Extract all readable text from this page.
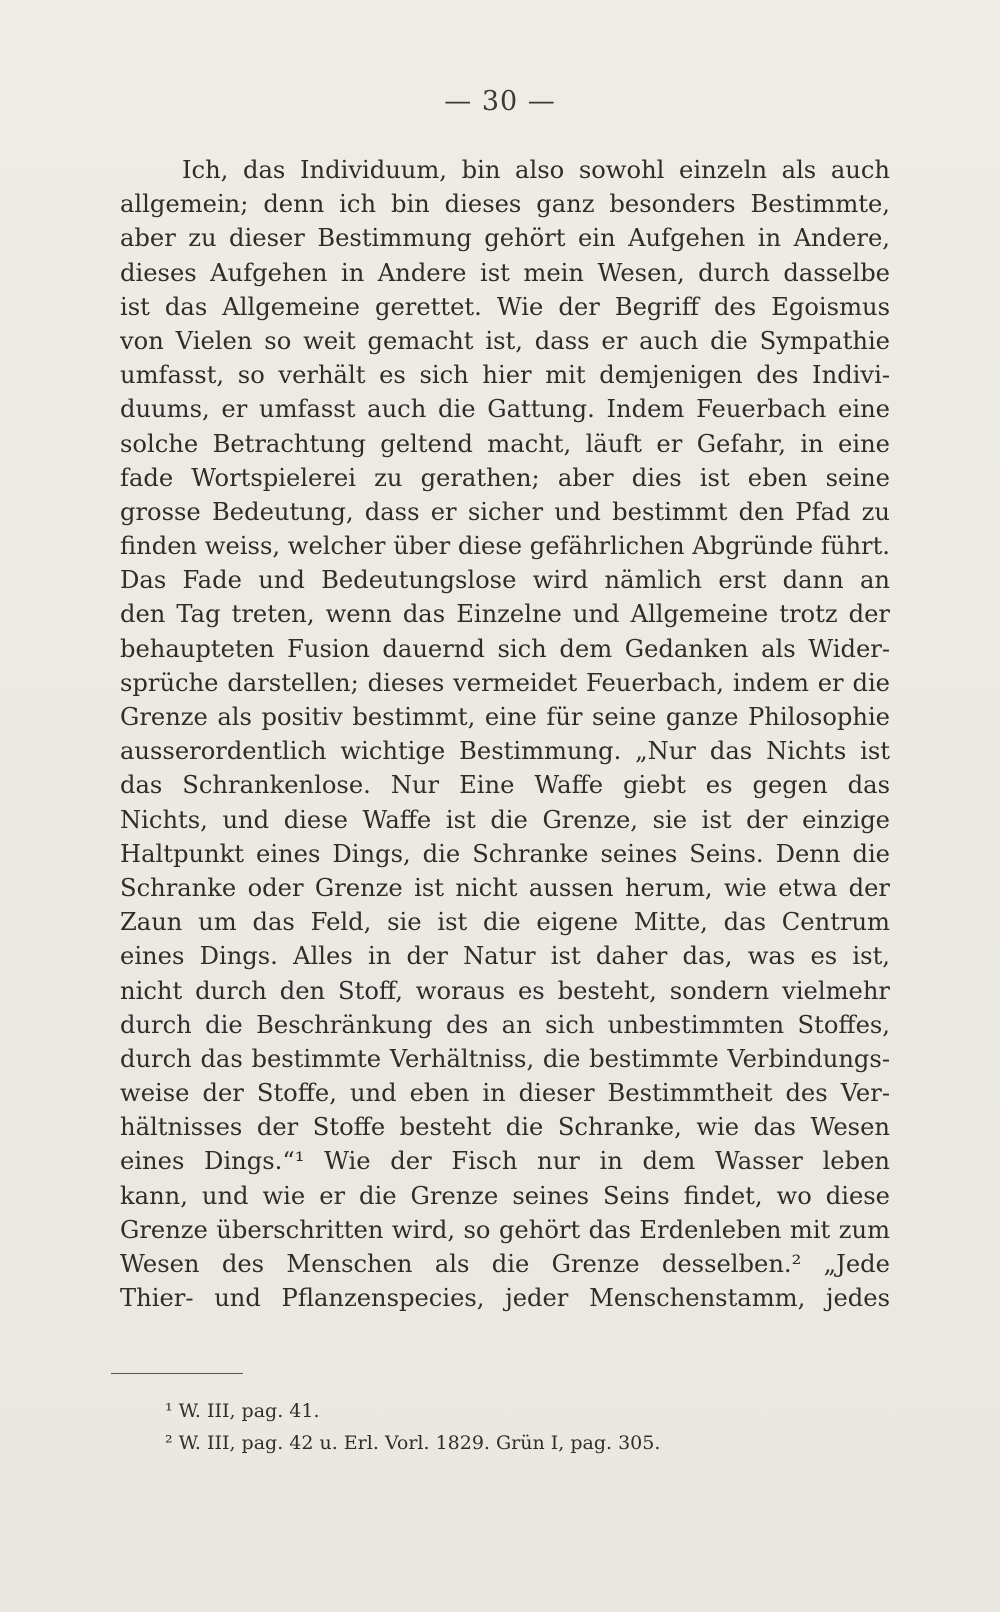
— 30 —
Ich, das Individuum, bin also sowohl einzeln als auch
allgemein; denn ich bin dieses ganz besonders Bestimmte,
aber zu dieser Bestimmung gehört ein Aufgehen in Andere,
dieses Aufgehen in Andere ist mein Wesen, durch dasselbe
ist das Allgemeine gerettet. Wie der Begriff des Egoismus
von Vielen so weit gemacht ist, dass er auch die Sympathie
umfasst, so verhält es sich hier mit demjenigen des Indivi-
duums, er umfasst auch die Gattung. Indem Feuerbach eine
solche Betrachtung geltend macht, läuft er Gefahr, in eine
fade Wortspielerei zu gerathen; aber dies ist eben seine
grosse Bedeutung, dass er sicher und bestimmt den Pfad zu
finden weiss, welcher über diese gefährlichen Abgründe führt.
Das Fade und Bedeutungslose wird nämlich erst dann an
den Tag treten, wenn das Einzelne und Allgemeine trotz der
behaupteten Fusion dauernd sich dem Gedanken als Wider-
sprüche darstellen; dieses vermeidet Feuerbach, indem er die
Grenze als positiv bestimmt, eine für seine ganze Philosophie
ausserordentlich wichtige Bestimmung. „Nur das Nichts ist
das Schrankenlose. Nur Eine Waffe giebt es gegen das
Nichts, und diese Waffe ist die Grenze, sie ist der einzige
Haltpunkt eines Dings, die Schranke seines Seins. Denn die
Schranke oder Grenze ist nicht aussen herum, wie etwa der
Zaun um das Feld, sie ist die eigene Mitte, das Centrum
eines Dings. Alles in der Natur ist daher das, was es ist,
nicht durch den Stoff, woraus es besteht, sondern vielmehr
durch die Beschränkung des an sich unbestimmten Stoffes,
durch das bestimmte Verhältniss, die bestimmte Verbindungs-
weise der Stoffe, und eben in dieser Bestimmtheit des Ver-
hältnisses der Stoffe besteht die Schranke, wie das Wesen
eines Dings.“¹ Wie der Fisch nur in dem Wasser leben
kann, und wie er die Grenze seines Seins findet, wo diese
Grenze überschritten wird, so gehört das Erdenleben mit zum
Wesen des Menschen als die Grenze desselben.² „Jede
Thier- und Pflanzenspecies, jeder Menschenstamm, jedes
¹ W. III, pag. 41.
² W. III, pag. 42 u. Erl. Vorl. 1829. Grün I, pag. 305.
